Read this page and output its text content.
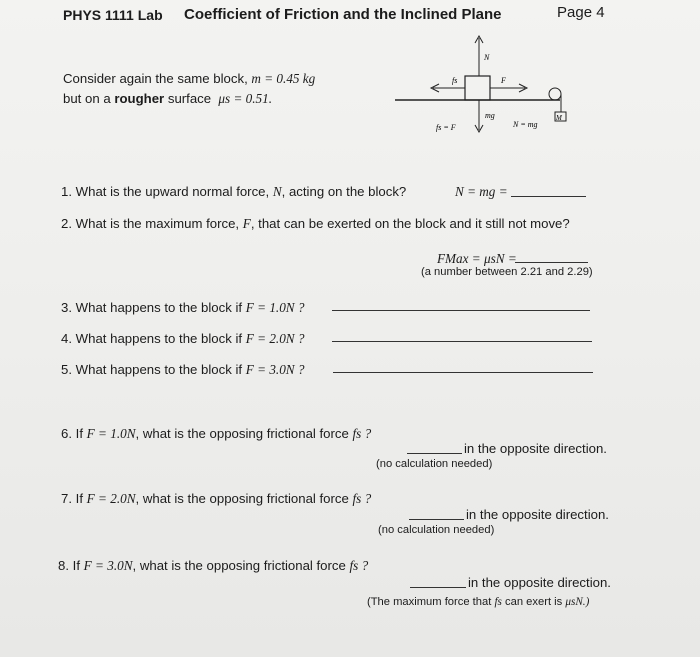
PHYS 1111 Lab Coefficient of Friction and the Inclined Plane	Page 4
Consider again the same block, m = 0.45 kg
but on a rougher surface μs = 0.51.
M
N
mg
fs	F
fs = F	N = mg
1. What is the upward normal force, N, acting on the block?	N = mg =
2. What is the maximum force, F, that can be exerted on the block and it still not move?
FMax = μsN =
(a number between 2.21 and 2.29)
3. What happens to the block if F = 1.0N ?
4. What happens to the block if F = 2.0N ?
5. What happens to the block if F = 3.0N ?
6. If F = 1.0N, what is the opposing frictional force fs ?
in the opposite direction.
(no calculation needed)
7. If F = 2.0N, what is the opposing frictional force fs ?
in the opposite direction.
(no calculation needed)
8. If F = 3.0N, what is the opposing frictional force fs ?
in the opposite direction.
(The maximum force that fs can exert is μsN.)
